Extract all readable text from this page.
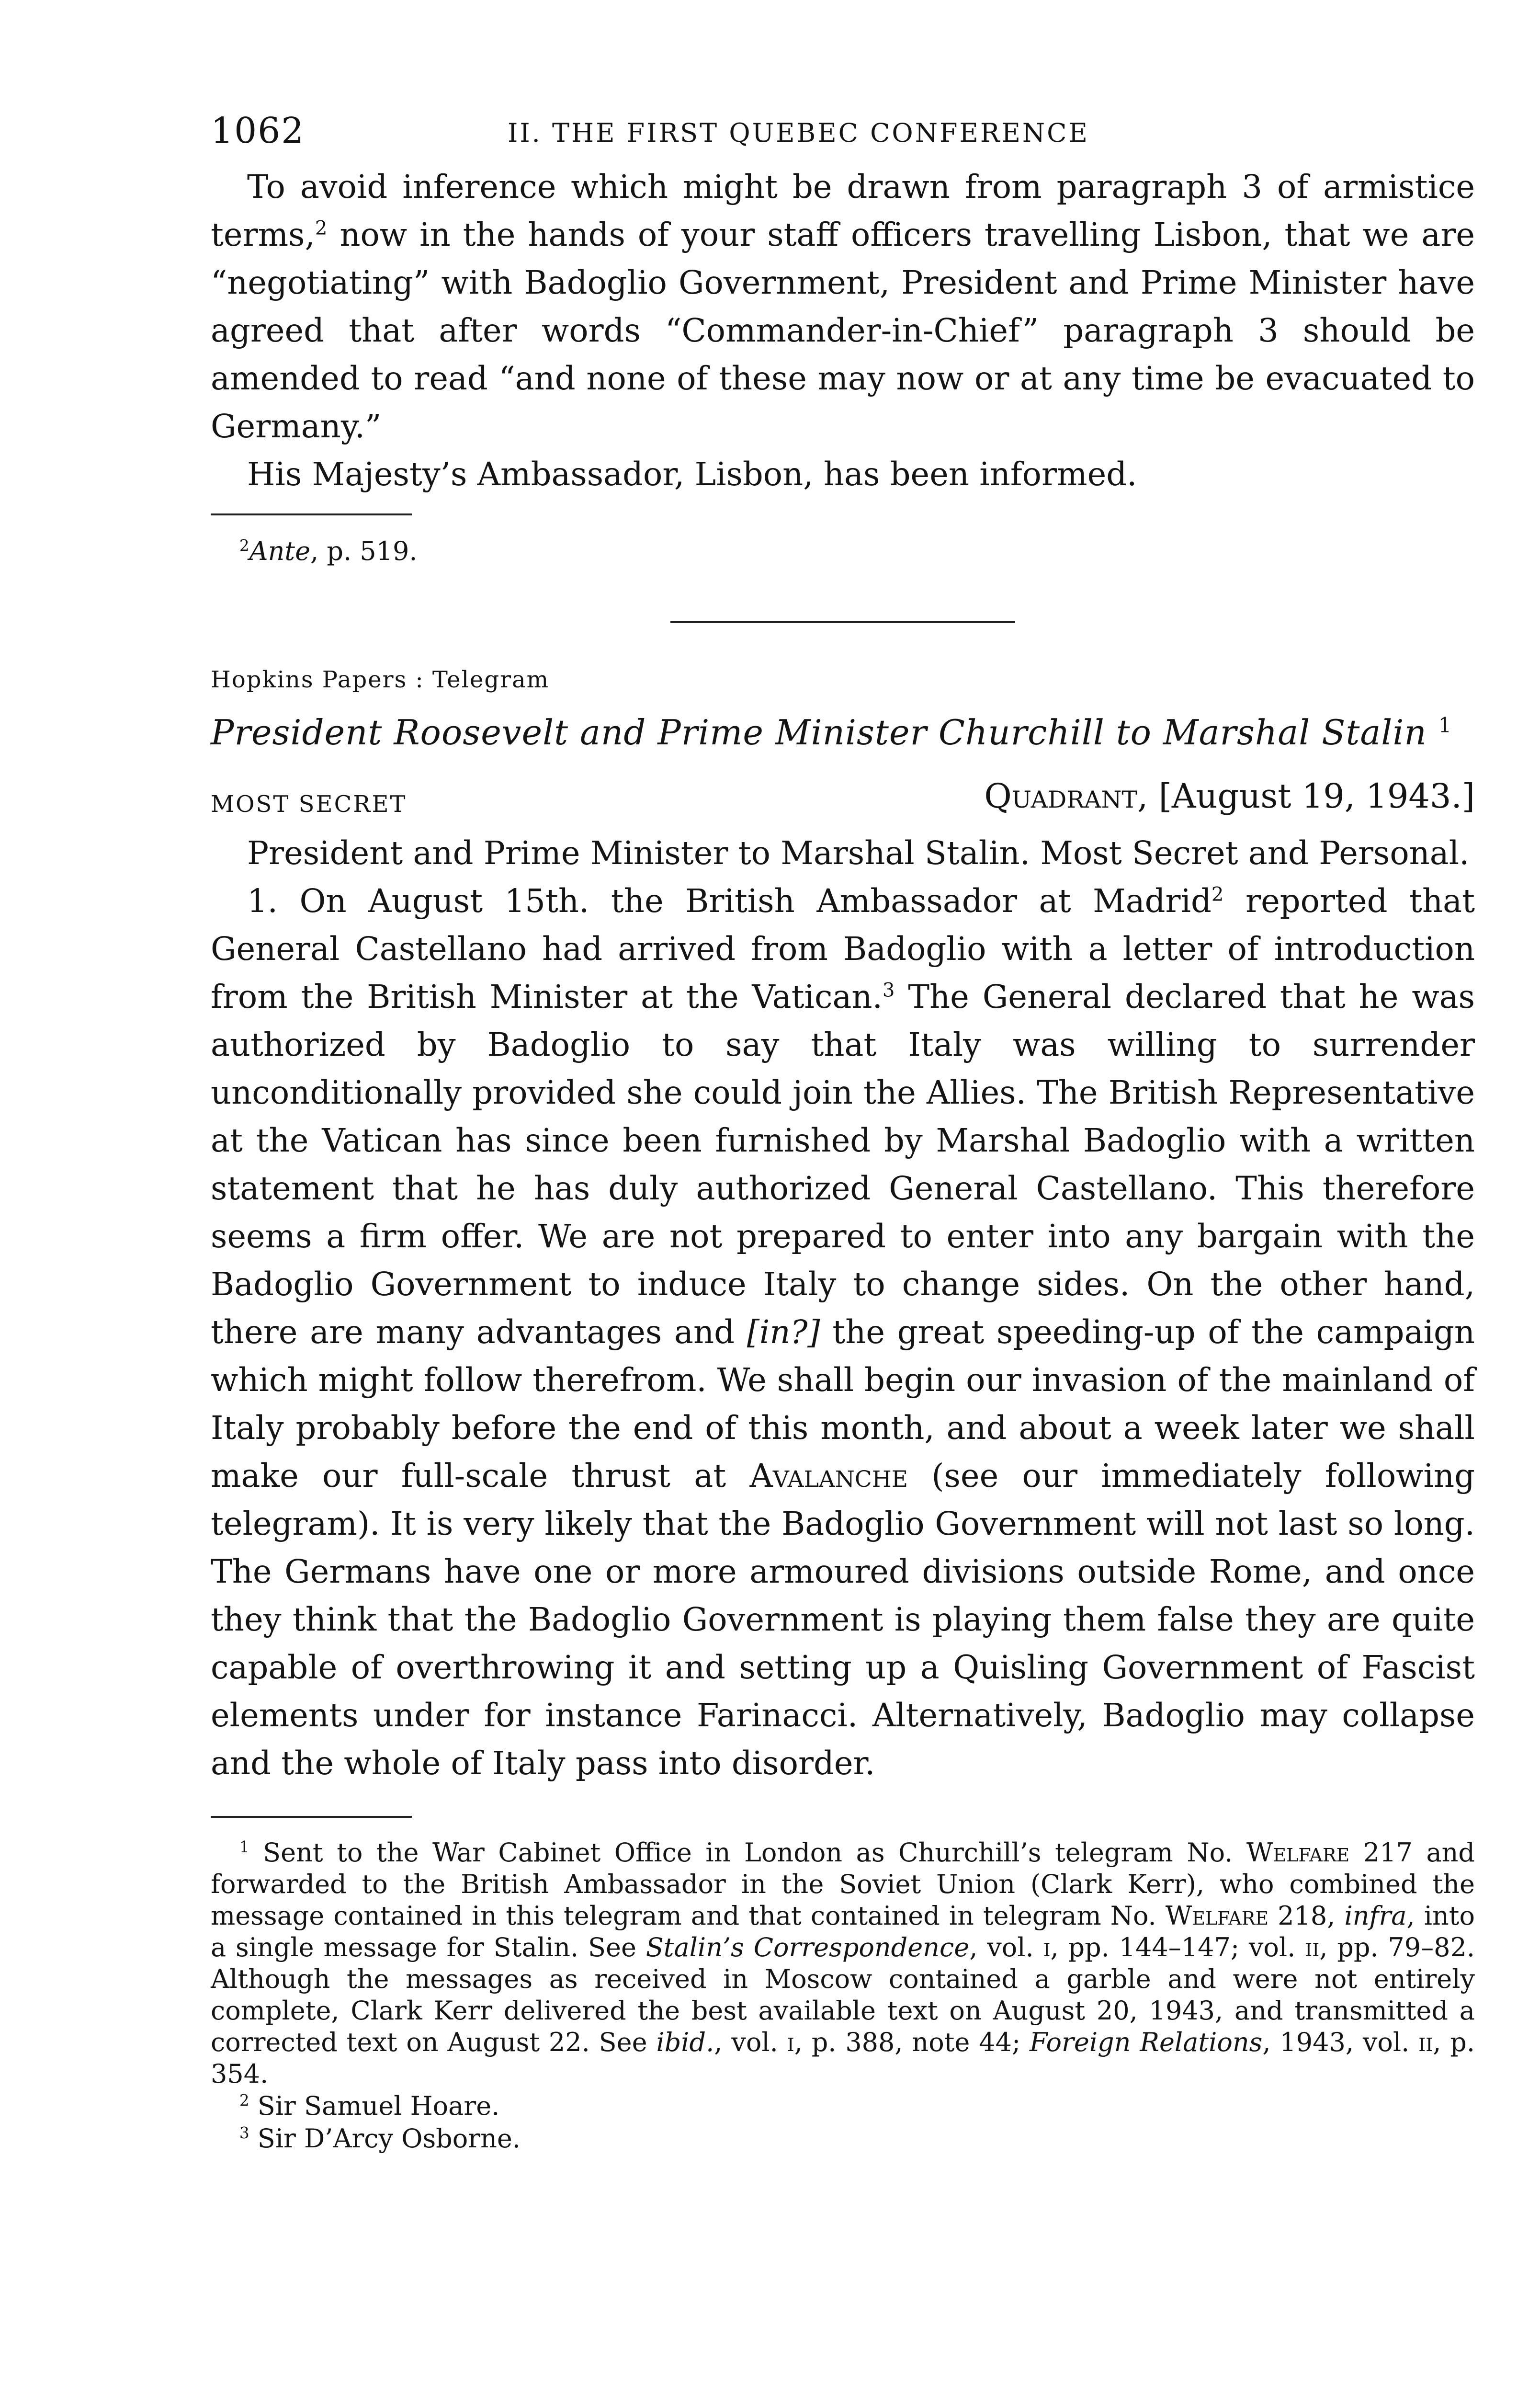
1062	II. THE FIRST QUEBEC CONFERENCE

To avoid inference which might be drawn from paragraph 3 of armistice terms,$^2$ now in the hands of your staff officers travelling Lisbon, that we are “negotiating” with Badoglio Government, President and Prime Minister have agreed that after words “Commander-in-Chief” paragraph 3 should be amended to read “and none of these may now or at any time be evacuated to Germany.”

His Majesty’s Ambassador, Lisbon, has been informed.

$^2$Ante, p. 519.

Hopkins Papers : Telegram
President Roosevelt and Prime Minister Churchill to Marshal Stalin $^1$
MOST SECRET	Quadrant, [August 19, 1943.]

President and Prime Minister to Marshal Stalin. Most Secret and Personal.

1. On August 15th. the British Ambassador at Madrid$^2$ reported that General Castellano had arrived from Badoglio with a letter of introduction from the British Minister at the Vatican.$^3$ The General declared that he was authorized by Badoglio to say that Italy was willing to surrender unconditionally provided she could join the Allies. The British Representative at the Vatican has since been furnished by Marshal Badoglio with a written statement that he has duly authorized General Castellano. This therefore seems a firm offer. We are not prepared to enter into any bargain with the Badoglio Government to induce Italy to change sides. On the other hand, there are many advantages and [in?] the great speeding-up of the campaign which might follow therefrom. We shall begin our invasion of the mainland of Italy probably before the end of this month, and about a week later we shall make our full-scale thrust at Avalanche (see our immediately following telegram). It is very likely that the Badoglio Government will not last so long. The Germans have one or more armoured divisions outside Rome, and once they think that the Badoglio Government is playing them false they are quite capable of overthrowing it and setting up a Quisling Government of Fascist elements under for instance Farinacci. Alternatively, Badoglio may collapse and the whole of Italy pass into disorder.

$^1$ Sent to the War Cabinet Office in London as Churchill’s telegram No. Welfare 217 and forwarded to the British Ambassador in the Soviet Union (Clark Kerr), who combined the message contained in this telegram and that contained in telegram No. Welfare 218, infra, into a single message for Stalin. See Stalin’s Correspondence, vol. i, pp. 144–147; vol. ii, pp. 79–82. Although the messages as received in Moscow contained a garble and were not entirely complete, Clark Kerr delivered the best available text on August 20, 1943, and transmitted a corrected text on August 22. See ibid., vol. i, p. 388, note 44; Foreign Relations, 1943, vol. ii, p. 354.

$^2$ Sir Samuel Hoare.

$^3$ Sir D’Arcy Osborne.
